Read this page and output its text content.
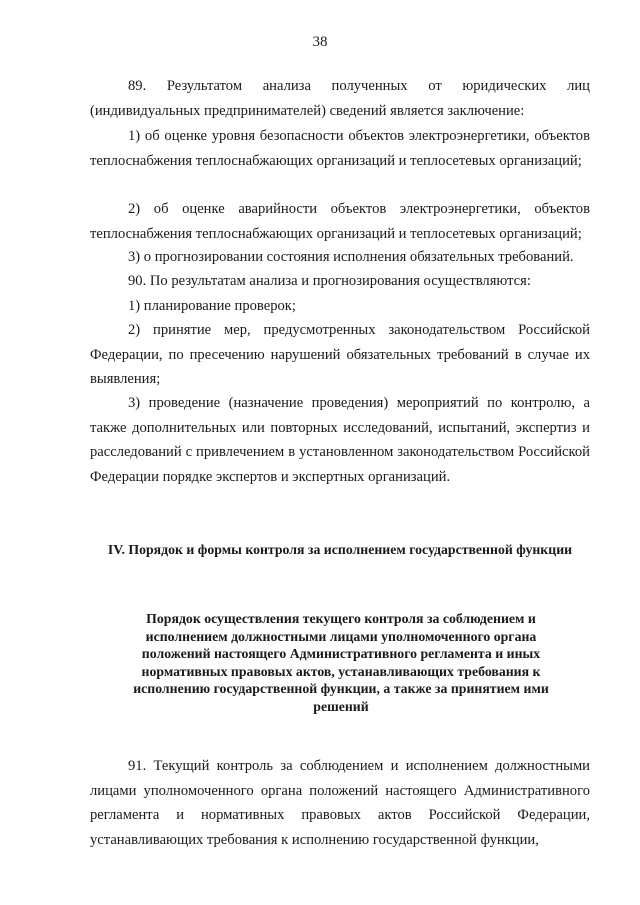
38

89. Результатом анализа полученных от юридических лиц (индивидуальных предпринимателей) сведений является заключение:

1) об оценке уровня безопасности объектов электроэнергетики, объектов теплоснабжения теплоснабжающих организаций и теплосетевых организаций;

2) об оценке аварийности объектов электроэнергетики, объектов теплоснабжения теплоснабжающих организаций и теплосетевых организаций;

3) о прогнозировании состояния исполнения обязательных требований.

90. По результатам анализа и прогнозирования осуществляются:

1) планирование проверок;

2) принятие мер, предусмотренных законодательством Российской Федерации, по пресечению нарушений обязательных требований в случае их выявления;

3) проведение (назначение проведения) мероприятий по контролю, а также дополнительных или повторных исследований, испытаний, экспертиз и расследований с привлечением в установленном законодательством Российской Федерации порядке экспертов и экспертных организаций.

IV. Порядок и формы контроля за исполнением государственной функции
Порядок осуществления текущего контроля за соблюдением и исполнением должностными лицами уполномоченного органа положений настоящего Административного регламента и иных нормативных правовых актов, устанавливающих требования к исполнению государственной функции, а также за принятием ими решений

91. Текущий контроль за соблюдением и исполнением должностными лицами уполномоченного органа положений настоящего Административного регламента и нормативных правовых актов Российской Федерации, устанавливающих требования к исполнению государственной функции,
